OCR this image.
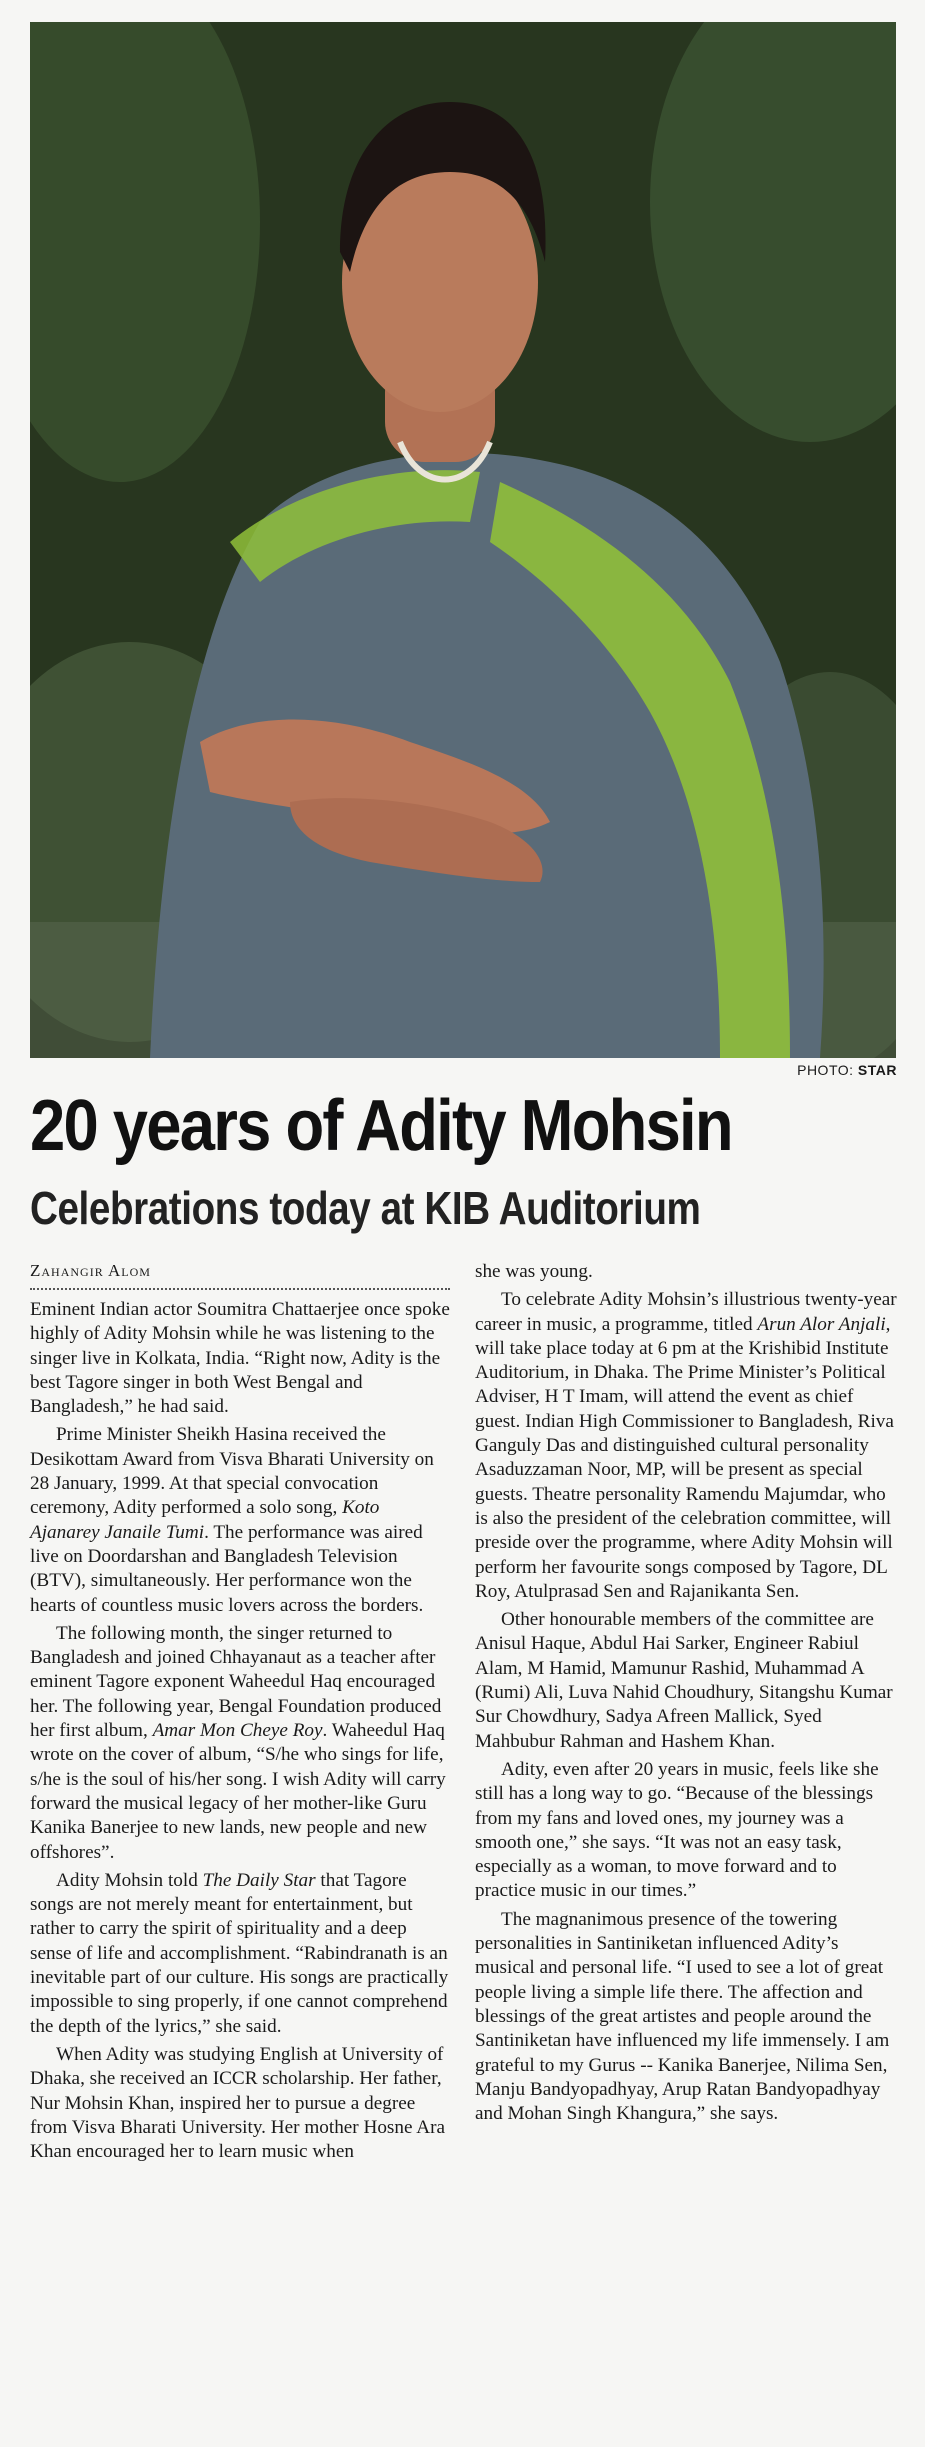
PHOTO: STAR
20 years of Adity Mohsin
Celebrations today at KIB Auditorium
Zahangir Alom

Eminent Indian actor Soumitra Chattaerjee once spoke highly of Adity Mohsin while he was listening to the singer live in Kolkata, India. “Right now, Adity is the best Tagore singer in both West Bengal and Bangladesh,” he had said.

Prime Minister Sheikh Hasina received the Desikottam Award from Visva Bharati University on 28 January, 1999. At that special convocation ceremony, Adity performed a solo song, Koto Ajanarey Janaile Tumi. The performance was aired live on Doordarshan and Bangladesh Television (BTV), simultaneously. Her performance won the hearts of countless music lovers across the borders.

The following month, the singer returned to Bangladesh and joined Chhayanaut as a teacher after eminent Tagore exponent Waheedul Haq encouraged her. The following year, Bengal Foundation produced her first album, Amar Mon Cheye Roy. Waheedul Haq wrote on the cover of album, “S/he who sings for life, s/he is the soul of his/her song. I wish Adity will carry forward the musical legacy of her mother-like Guru Kanika Banerjee to new lands, new people and new offshores”.

Adity Mohsin told The Daily Star that Tagore songs are not merely meant for entertainment, but rather to carry the spirit of spirituality and a deep sense of life and accomplishment. “Rabindranath is an inevitable part of our culture. His songs are practically impossible to sing properly, if one cannot comprehend the depth of the lyrics,” she said.

When Adity was studying English at University of Dhaka, she received an ICCR scholarship. Her father, Nur Mohsin Khan, inspired her to pursue a degree from Visva Bharati University. Her mother Hosne Ara Khan encouraged her to learn music when

she was young.

To celebrate Adity Mohsin’s illustrious twenty-year career in music, a programme, titled Arun Alor Anjali, will take place today at 6 pm at the Krishibid Institute Auditorium, in Dhaka. The Prime Minister’s Political Adviser, H T Imam, will attend the event as chief guest. Indian High Commissioner to Bangladesh, Riva Ganguly Das and distinguished cultural personality Asaduzzaman Noor, MP, will be present as special guests. Theatre personality Ramendu Majumdar, who is also the president of the celebration committee, will preside over the programme, where Adity Mohsin will perform her favourite songs composed by Tagore, DL Roy, Atulprasad Sen and Rajanikanta Sen.

Other honourable members of the committee are Anisul Haque, Abdul Hai Sarker, Engineer Rabiul Alam, M Hamid, Mamunur Rashid, Muhammad A (Rumi) Ali, Luva Nahid Choudhury, Sitangshu Kumar Sur Chowdhury, Sadya Afreen Mallick, Syed Mahbubur Rahman and Hashem Khan.

Adity, even after 20 years in music, feels like she still has a long way to go. “Because of the blessings from my fans and loved ones, my journey was a smooth one,” she says. “It was not an easy task, especially as a woman, to move forward and to practice music in our times.”

The magnanimous presence of the towering personalities in Santiniketan influenced Adity’s musical and personal life. “I used to see a lot of great people living a simple life there. The affection and blessings of the great artistes and people around the Santiniketan have influenced my life immensely. I am grateful to my Gurus -- Kanika Banerjee, Nilima Sen, Manju Bandyopadhyay, Arup Ratan Bandyopadhyay and Mohan Singh Khangura,” she says.
